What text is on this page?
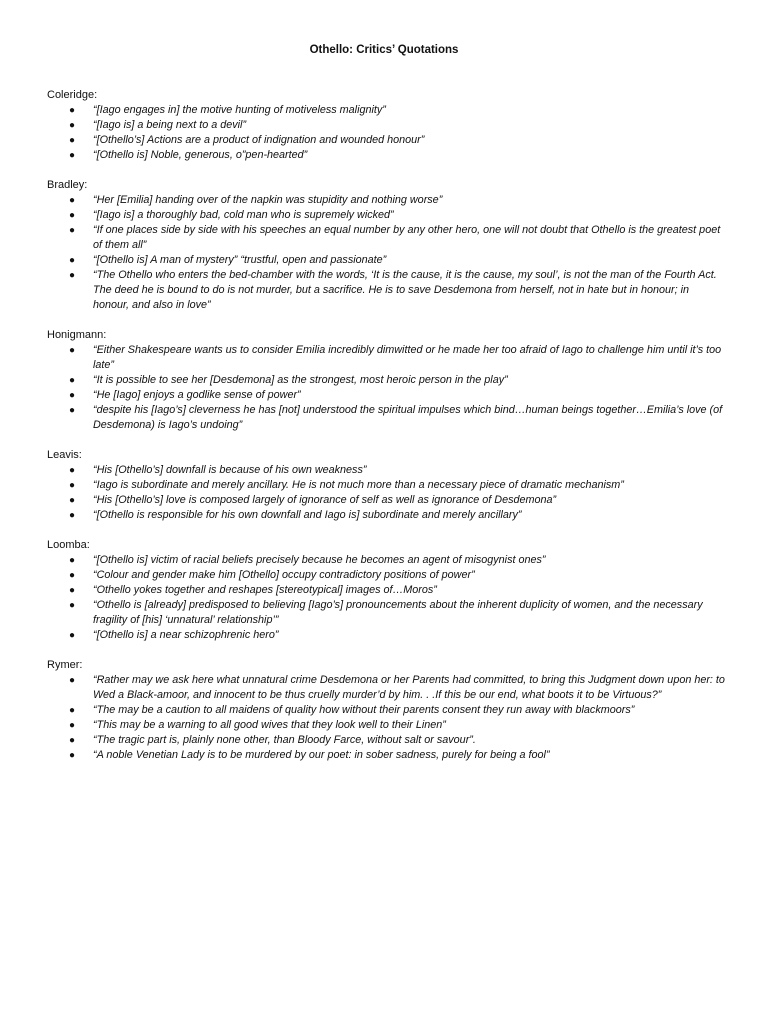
Othello: Critics’ Quotations

Coleridge:

● “[Iago engages in] the motive hunting of motiveless malignity”
● “[Iago is] a being next to a devil”
● “[Othello’s] Actions are a product of indignation and wounded honour”
● “[Othello is] Noble, generous, o”pen-hearted”

Bradley:

● “Her [Emilia] handing over of the napkin was stupidity and nothing worse”
● “[Iago is] a thoroughly bad, cold man who is supremely wicked”
● “If one places side by side with his speeches an equal number by any other hero, one will not doubt that Othello is the greatest poet of them all”
● “[Othello is] A man of mystery” “trustful, open and passionate”
● “The Othello who enters the bed-chamber with the words, ‘It is the cause, it is the cause, my soul’, is not the man of the Fourth Act. The deed he is bound to do is not murder, but a sacrifice. He is to save Desdemona from herself, not in hate but in honour; in honour, and also in love”

Honigmann:

● “Either Shakespeare wants us to consider Emilia incredibly dimwitted or he made her too afraid of Iago to challenge him until it’s too late”
● “It is possible to see her [Desdemona] as the strongest, most heroic person in the play”
● “He [Iago] enjoys a godlike sense of power”
● “despite his [Iago’s] cleverness he has [not] understood the spiritual impulses which bind…human beings together…Emilia’s love (of Desdemona) is Iago’s undoing”

Leavis:

● “His [Othello’s] downfall is because of his own weakness”
● “Iago is subordinate and merely ancillary. He is not much more than a necessary piece of dramatic mechanism”
● “His [Othello’s] love is composed largely of ignorance of self as well as ignorance of Desdemona”
● “[Othello is responsible for his own downfall and Iago is] subordinate and merely ancillary”

Loomba:

● “[Othello is] victim of racial beliefs precisely because he becomes an agent of misogynist ones”
● “Colour and gender make him [Othello] occupy contradictory positions of power”
● “Othello yokes together and reshapes [stereotypical] images of…Moros”
● “Othello is [already] predisposed to believing [Iago’s] pronouncements about the inherent duplicity of women, and the necessary fragility of [his] ‘unnatural’ relationship’”
● “[Othello is] a near schizophrenic hero”

Rymer:

● “Rather may we ask here what unnatural crime Desdemona or her Parents had committed, to bring this Judgment down upon her: to Wed a Black-amoor, and innocent to be thus cruelly murder’d by him. . .If this be our end, what boots it to be Virtuous?”
● “The may be a caution to all maidens of quality how without their parents consent they run away with blackmoors”
● “This may be a warning to all good wives that they look well to their Linen”
● “The tragic part is, plainly none other, than Bloody Farce, without salt or savour”.
● “A noble Venetian Lady is to be murdered by our poet: in sober sadness, purely for being a fool”
